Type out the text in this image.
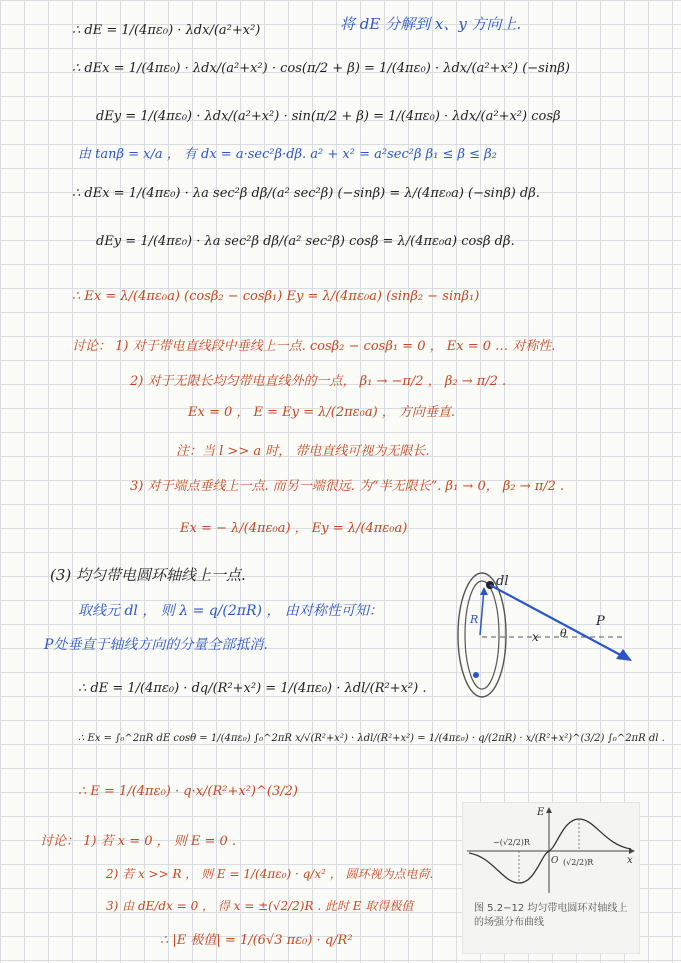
∴ dE = 1/(4πε₀) · λdx/(a²+x²)	将 dE 分解到 x、y 方向上.
∴ dEx = 1/(4πε₀) · λdx/(a²+x²) · cos(π/2 + β) = 1/(4πε₀) · λdx/(a²+x²) (−sinβ)
dEy = 1/(4πε₀) · λdx/(a²+x²) · sin(π/2 + β) = 1/(4πε₀) · λdx/(a²+x²) cosβ
由 tanβ = x/a ， 有 dx = a·sec²β·dβ. a² + x² = a²sec²β β₁ ≤ β ≤ β₂
∴ dEx = 1/(4πε₀) · λa sec²β dβ/(a² sec²β) (−sinβ) = λ/(4πε₀a) (−sinβ) dβ.
dEy = 1/(4πε₀) · λa sec²β dβ/(a² sec²β) cosβ = λ/(4πε₀a) cosβ dβ.
∴ Ex = λ/(4πε₀a) (cosβ₂ − cosβ₁) Ey = λ/(4πε₀a) (sinβ₂ − sinβ₁)
讨论： 1) 对于带电直线段中垂线上一点. cosβ₂ − cosβ₁ = 0 ， Ex = 0 … 对称性.
2) 对于无限长均匀带电直线外的一点， β₁ → −π/2 ， β₂ → π/2 .
Ex = 0 ， E = Ey = λ/(2πε₀a) ， 方向垂直.
注：当 l >> a 时， 带电直线可视为无限长.
3) 对于端点垂线上一点. 而另一端很远. 为“半无限长”. β₁ → 0， β₂ → π/2 .
Ex = − λ/(4πε₀a) ， Ey = λ/(4πε₀a)
(3) 均匀带电圆环轴线上一点.
取线元 dl ， 则 λ = q/(2πR) ， 由对称性可知：
P处垂直于轴线方向的分量全部抵消.
∴ dE = 1/(4πε₀) · dq/(R²+x²) = 1/(4πε₀) · λdl/(R²+x²) .
∴ Ex = ∫₀^2πR dE cosθ = 1/(4πε₀) ∫₀^2πR x/√(R²+x²) · λdl/(R²+x²) = 1/(4πε₀) · q/(2πR) · x/(R²+x²)^(3/2) ∫₀^2πR dl .
∴ E = 1/(4πε₀) · q·x/(R²+x²)^(3/2)
讨论： 1) 若 x = 0 ， 则 E = 0 .
2) 若 x >> R ， 则 E = 1/(4πε₀) · q/x² ， 圆环视为点电荷.
3) 由 dE/dx = 0 ， 得 x = ±(√2/2)R . 此时 E 取得极值
∴ |E 极值| = 1/(6√3 πε₀) · q/R²
dl
R
x θ
P
E
x
O
−(√2/2)R
(√2/2)R
图 5.2−12 均匀带电圆环对轴线上的场强分布曲线
